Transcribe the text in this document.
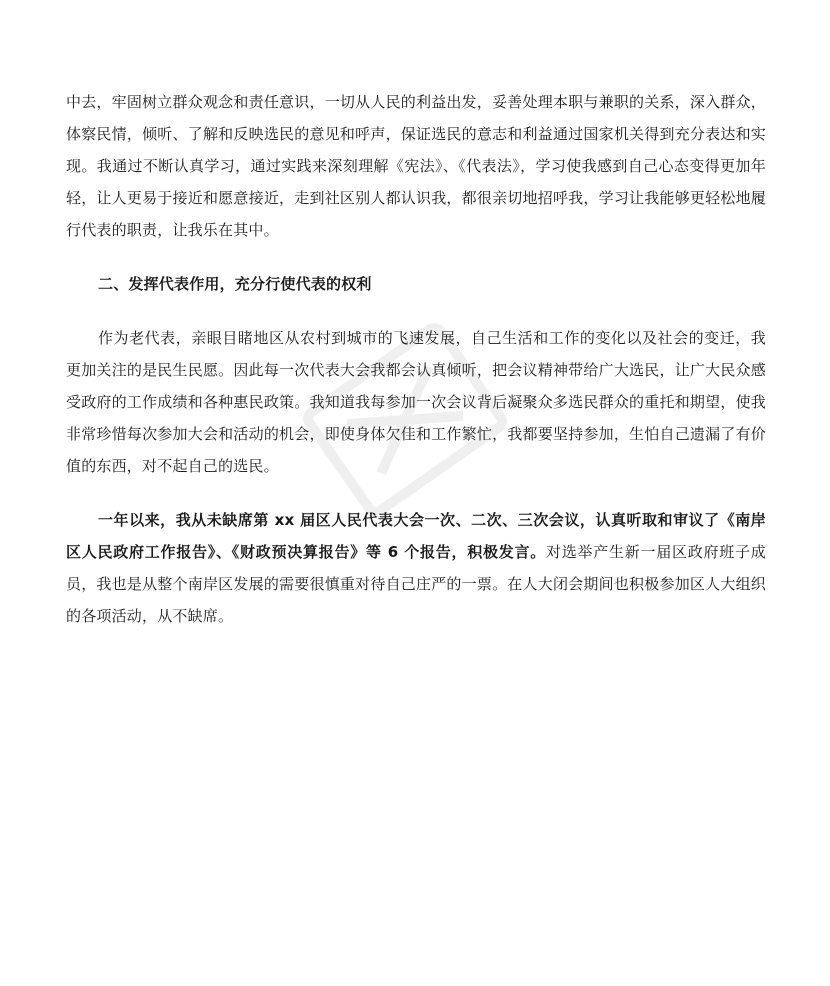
中去，牢固树立群众观念和责任意识，一切从人民的利益出发，妥善处理本职与兼职的关系，深入群众，体察民情，倾听、了解和反映选民的意见和呼声，保证选民的意志和利益通过国家机关得到充分表达和实现。我通过不断认真学习，通过实践来深刻理解《宪法》、《代表法》，学习使我感到自己心态变得更加年轻，让人更易于接近和愿意接近，走到社区别人都认识我，都很亲切地招呼我，学习让我能够更轻松地履行代表的职责，让我乐在其中。

二、发挥代表作用，充分行使代表的权利

作为老代表，亲眼目睹地区从农村到城市的飞速发展，自己生活和工作的变化以及社会的变迁，我更加关注的是民生民愿。因此每一次代表大会我都会认真倾听，把会议精神带给广大选民，让广大民众感受政府的工作成绩和各种惠民政策。我知道我每参加一次会议背后凝聚众多选民群众的重托和期望，使我非常珍惜每次参加大会和活动的机会，即使身体欠佳和工作繁忙，我都要坚持参加，生怕自己遗漏了有价值的东西，对不起自己的选民。

一年以来，我从未缺席第 xx 届区人民代表大会一次、二次、三次会议，认真听取和审议了《南岸区人民政府工作报告》、《财政预决算报告》等 6 个报告，积极发言。对选举产生新一届区政府班子成员，我也是从整个南岸区发展的需要很慎重对待自己庄严的一票。在人大闭会期间也积极参加区人大组织的各项活动，从不缺席。
